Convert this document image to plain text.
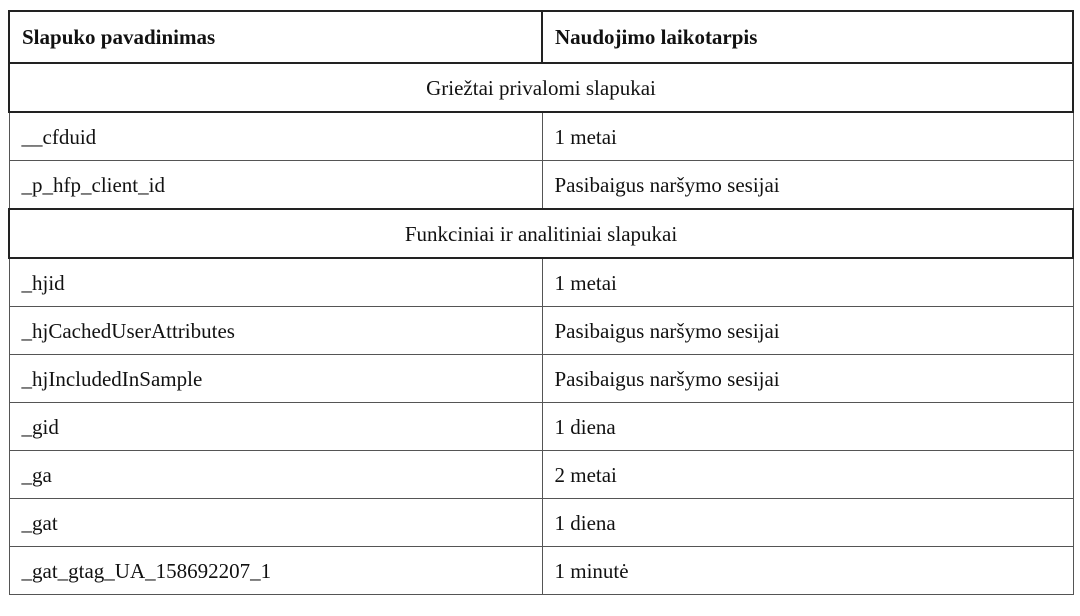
Slapuko pavadinimas	Naudojimo laikotarpis
Griežtai privalomi slapukai	
__cfduid	1 metai
_p_hfp_client_id	Pasibaigus naršymo sesijai
Funkciniai ir analitiniai slapukai	
_hjid	1 metai
_hjCachedUserAttributes	Pasibaigus naršymo sesijai
_hjIncludedInSample	Pasibaigus naršymo sesijai
_gid	1 diena
_ga	2 metai
_gat	1 diena
_gat_gtag_UA_158692207_1	1 minutė
